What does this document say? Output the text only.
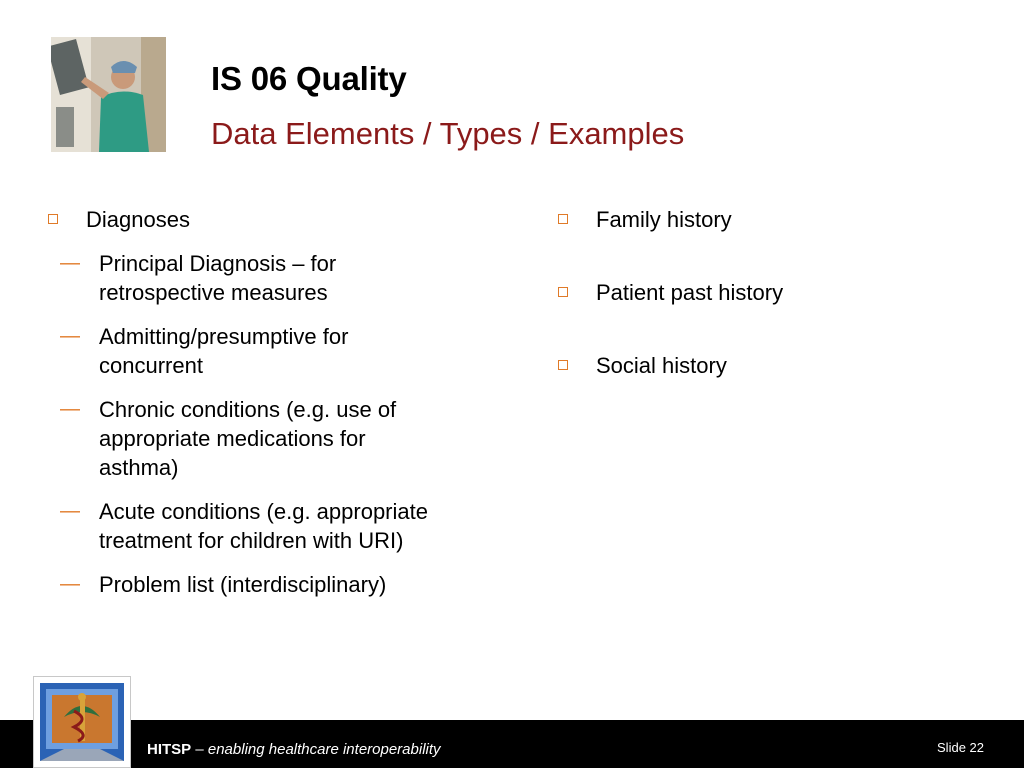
IS 06 Quality
Data Elements / Types / Examples
Diagnoses
— Principal Diagnosis – for
retrospective measures
— Admitting/presumptive for
concurrent
— Chronic conditions (e.g. use of
appropriate medications for
asthma)
— Acute conditions (e.g. appropriate
treatment for children with URI)
— Problem list (interdisciplinary)
Family history
Patient past history
Social history
HITSP – enabling healthcare interoperability	Slide 22
